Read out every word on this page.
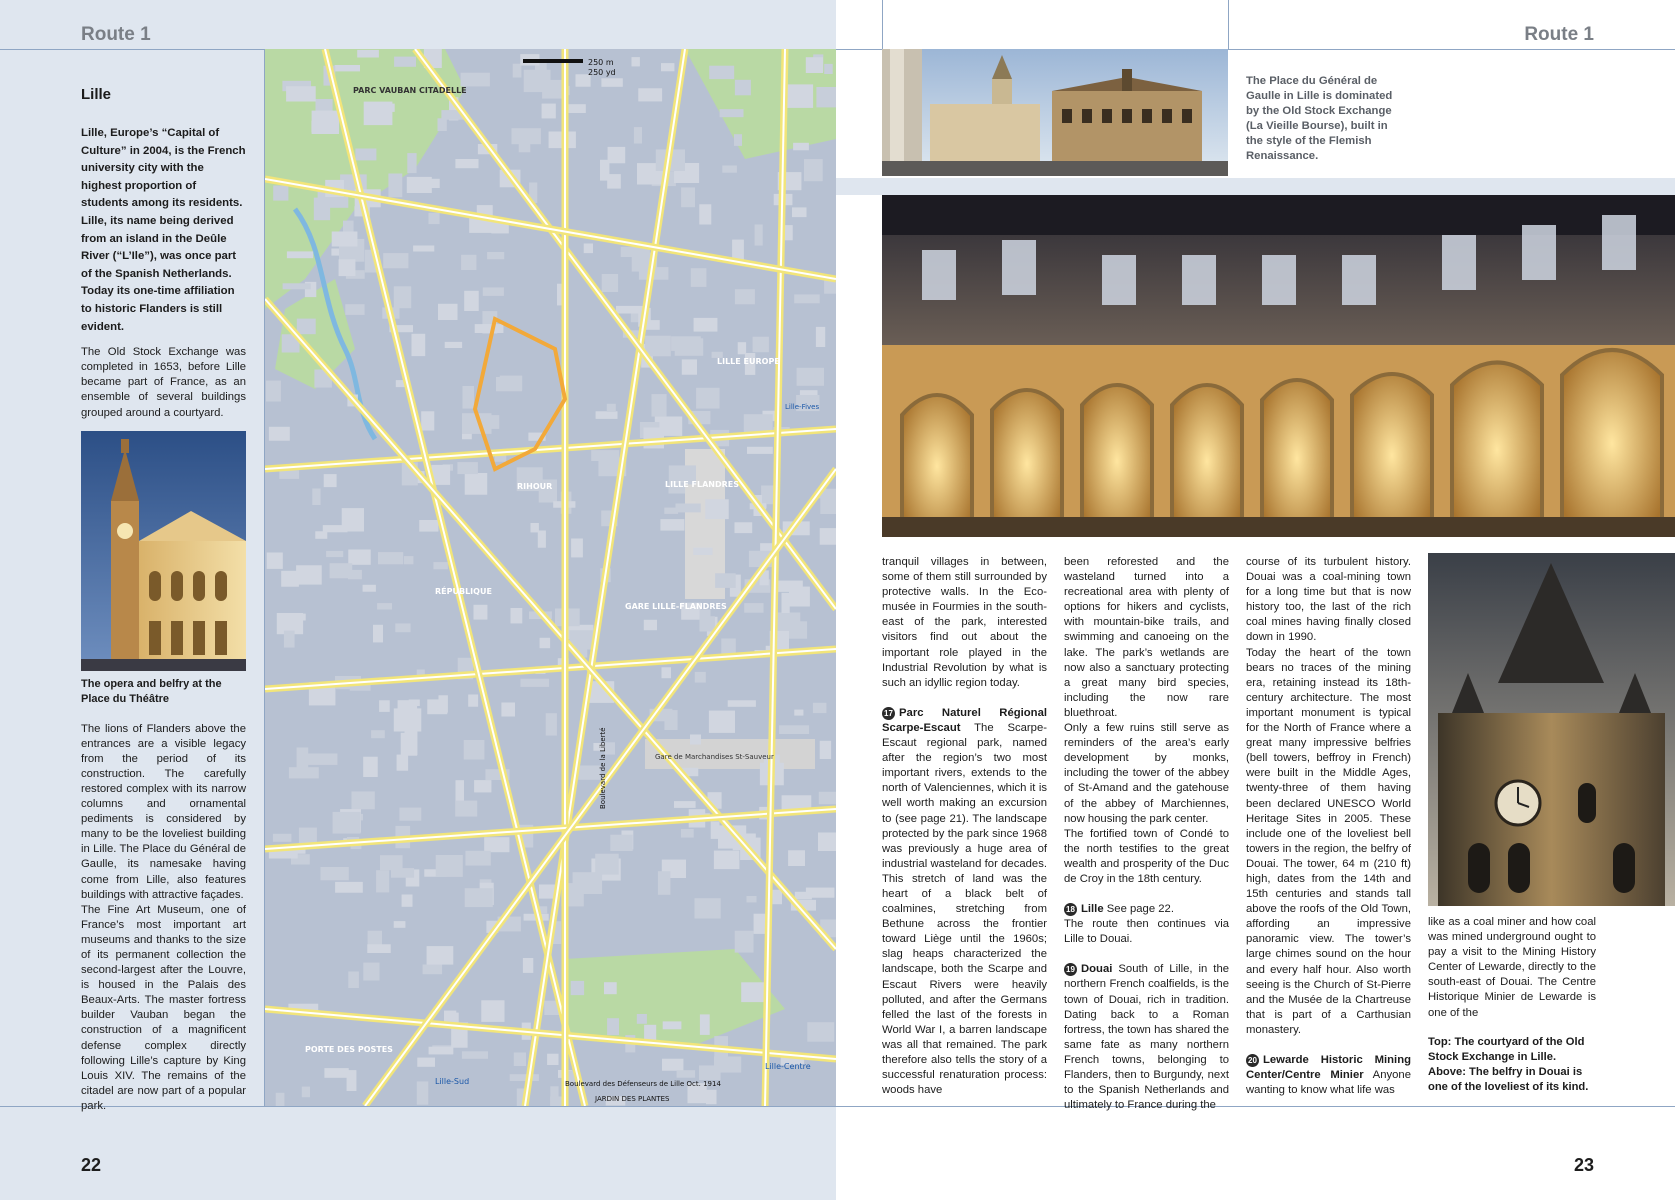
Route 1	Route 1
22	23
Lille

Lille, Europe’s “Capital of Culture” in 2004, is the French university city with the highest proportion of students among its residents. Lille, its name being derived from an island in the Deûle River (“L’Ile”), was once part of the Spanish Netherlands. Today its one-time affiliation to historic Flanders is still evident.

The Old Stock Exchange was completed in 1653, before Lille became part of France, as an ensemble of several buildings grouped around a courtyard.

The opera and belfry at the Place du Théâtre

The lions of Flanders above the entrances are a visible legacy from the period of its construction. The carefully restored complex with its narrow columns and ornamental pediments is considered by many to be the loveliest building in Lille. The Place du Général de Gaulle, its namesake having come from Lille, also features buildings with attractive façades.

The Fine Art Museum, one of France’s most important art museums and thanks to the size of its permanent collection the second-largest after the Louvre, is housed in the Palais des Beaux-Arts. The master fortress builder Vauban began the construction of a magnificent defense complex directly following Lille’s capture by King Louis XIV. The remains of the citadel are now part of a popular park.

250 m
250 yd
PARC VAUBAN CITADELLE
LILLE FLANDRES
LILLE EUROPE
RÉPUBLIQUE
RIHOUR
GARE LILLE-FLANDRES
Gare de Marchandises St-Sauveur
Boulevard de la Liberté
PORTE DES POSTES
Boulevard des Défenseurs de Lille Oct. 1914
JARDIN DES PLANTES
Lille-Sud
Lille-Centre
Lille-Fives
The Place du Général de Gaulle in Lille is dominated by the Old Stock Exchange (La Vieille Bourse), built in the style of the Flemish Renaissance.

tranquil villages in between, some of them still surrounded by protective walls. In the Eco-musée in Fourmies in the south-east of the park, interested visitors find out about the important role played in the Industrial Revolution by what is such an idyllic region today.

17 Parc Naturel Régional Scarpe-Escaut The Scarpe-Escaut regional park, named after the region’s two most important rivers, extends to the north of Valenciennes, which it is well worth making an excursion to (see page 21). The landscape protected by the park since 1968 was previously a huge area of industrial wasteland for decades. This stretch of land was the heart of a black belt of coalmines, stretching from Bethune across the frontier toward Liège until the 1960s; slag heaps characterized the landscape, both the Scarpe and Escaut Rivers were heavily polluted, and after the Germans felled the last of the forests in World War I, a barren landscape was all that remained. The park therefore also tells the story of a successful renaturation process: woods have

been reforested and the wasteland turned into a recreational area with plenty of options for hikers and cyclists, with mountain-bike trails, and swimming and canoeing on the lake. The park’s wetlands are now also a sanctuary protecting a great many bird species, including the now rare bluethroat.

Only a few ruins still serve as reminders of the area’s early development by monks, including the tower of the abbey of St-Amand and the gatehouse of the abbey of Marchiennes, now housing the park center.

The fortified town of Condé to the north testifies to the great wealth and prosperity of the Duc de Croy in the 18th century.

18 Lille See page 22.

The route then continues via Lille to Douai.

19 Douai South of Lille, in the northern French coalfields, is the town of Douai, rich in tradition. Dating back to a Roman fortress, the town has shared the same fate as many northern French towns, belonging to Flanders, then to Burgundy, next to the Spanish Netherlands and ultimately to France during the

course of its turbulent history. Douai was a coal-mining town for a long time but that is now history too, the last of the rich coal mines having finally closed down in 1990.

Today the heart of the town bears no traces of the mining era, retaining instead its 18th-century architecture. The most important monument is typical for the North of France where a great many impressive belfries (bell towers, beffroy in French) were built in the Middle Ages, twenty-three of them having been declared UNESCO World Heritage Sites in 2005. These include one of the loveliest bell towers in the region, the belfry of Douai. The tower, 64 m (210 ft) high, dates from the 14th and 15th centuries and stands tall above the roofs of the Old Town, affording an impressive panoramic view. The tower’s large chimes sound on the hour and every half hour. Also worth seeing is the Church of St-Pierre and the Musée de la Chartreuse that is part of a Carthusian monastery.

20 Lewarde Historic Mining Center/Centre Minier Anyone wanting to know what life was

like as a coal miner and how coal was mined underground ought to pay a visit to the Mining History Center of Lewarde, directly to the south-east of Douai. The Centre Historique Minier de Lewarde is one of the

Top: The courtyard of the Old Stock Exchange in Lille. Above: The belfry in Douai is one of the loveliest of its kind.
